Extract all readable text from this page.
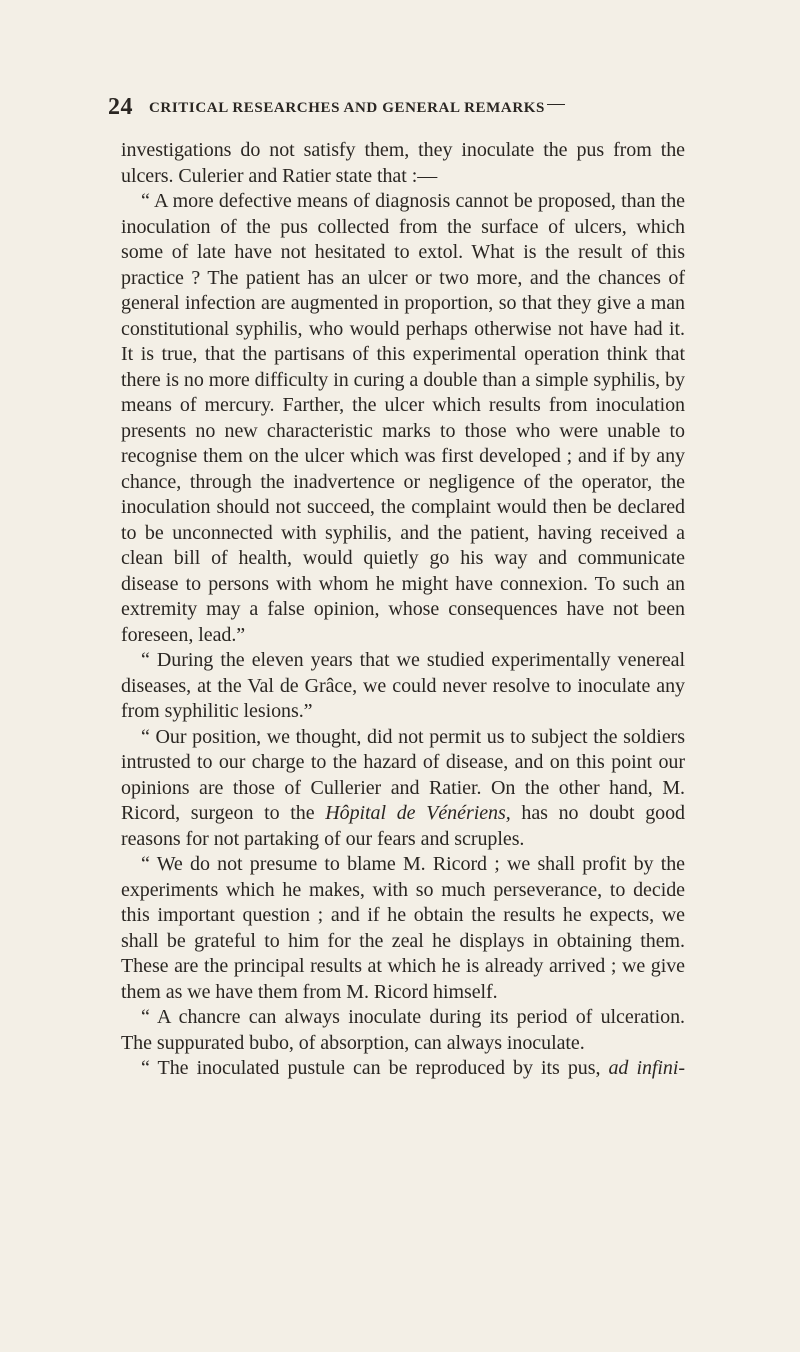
24 CRITICAL RESEARCHES AND GENERAL REMARKS

investigations do not satisfy them, they inoculate the pus from the ulcers. Culerier and Ratier state that :—

“ A more defective means of diagnosis cannot be proposed, than the inoculation of the pus collected from the surface of ulcers, which some of late have not hesitated to extol. What is the result of this practice ? The patient has an ulcer or two more, and the chances of general infection are augmented in proportion, so that they give a man constitutional syphilis, who would perhaps otherwise not have had it. It is true, that the partisans of this experimental operation think that there is no more difficulty in curing a double than a simple syphilis, by means of mercury. Farther, the ulcer which results from inoculation presents no new characteristic marks to those who were unable to recognise them on the ulcer which was first developed ; and if by any chance, through the inadvertence or negligence of the operator, the inoculation should not succeed, the complaint would then be declared to be unconnected with syphilis, and the patient, having received a clean bill of health, would quietly go his way and communicate disease to persons with whom he might have connexion. To such an extremity may a false opinion, whose consequences have not been foreseen, lead.”

“ During the eleven years that we studied experimentally venereal diseases, at the Val de Grâce, we could never resolve to inoculate any from syphilitic lesions.”

“ Our position, we thought, did not permit us to subject the soldiers intrusted to our charge to the hazard of disease, and on this point our opinions are those of Cullerier and Ratier. On the other hand, M. Ricord, surgeon to the Hôpital de Vénériens, has no doubt good reasons for not partaking of our fears and scruples.

“ We do not presume to blame M. Ricord ; we shall profit by the experiments which he makes, with so much perseverance, to decide this important question ; and if he obtain the results he expects, we shall be grateful to him for the zeal he displays in obtaining them. These are the principal results at which he is already arrived ; we give them as we have them from M. Ricord himself.

“ A chancre can always inoculate during its period of ulceration. The suppurated bubo, of absorption, can always inoculate.

“ The inoculated pustule can be reproduced by its pus, ad infini-
